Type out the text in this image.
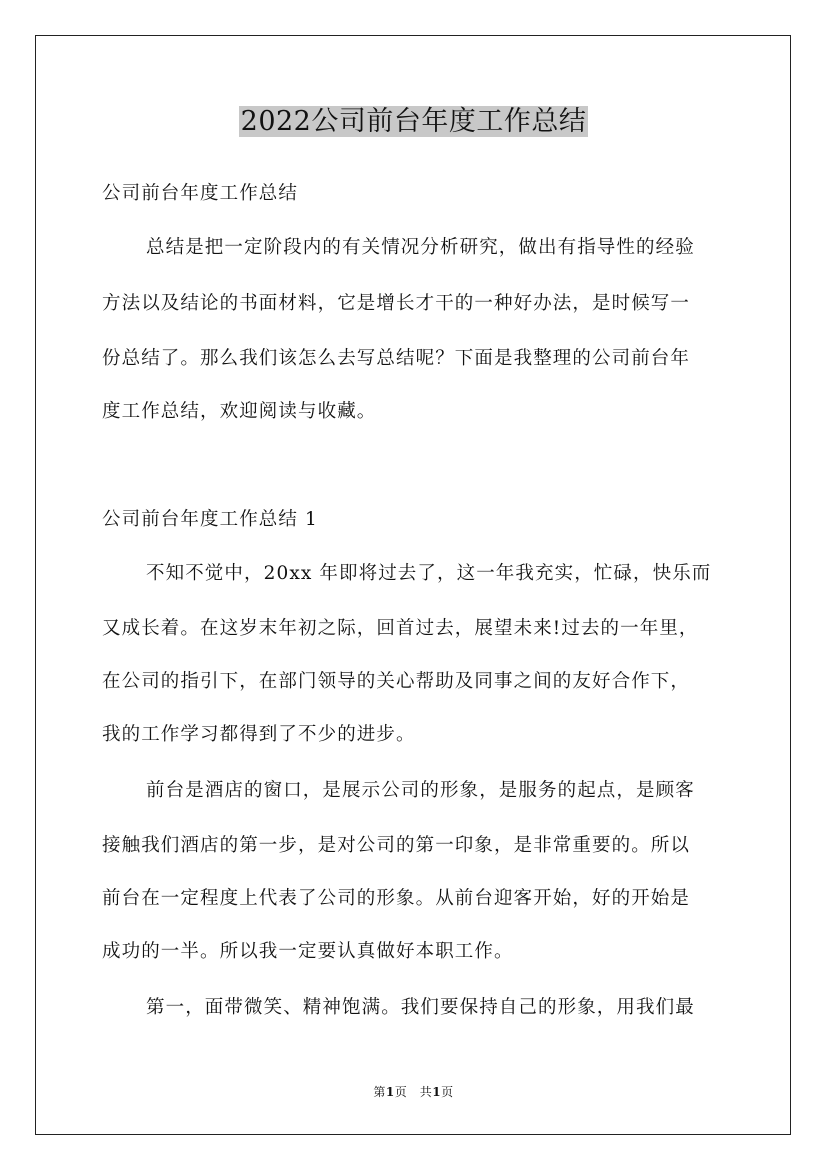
2022公司前台年度工作总结

公司前台年度工作总结

总结是把一定阶段内的有关情况分析研究，做出有指导性的经验

方法以及结论的书面材料，它是增长才干的一种好办法，是时候写一

份总结了。那么我们该怎么去写总结呢？下面是我整理的公司前台年

度工作总结，欢迎阅读与收藏。

公司前台年度工作总结 1

不知不觉中，20xx 年即将过去了，这一年我充实，忙碌，快乐而

又成长着。在这岁末年初之际，回首过去，展望未来!过去的一年里，

在公司的指引下，在部门领导的关心帮助及同事之间的友好合作下，

我的工作学习都得到了不少的进步。

前台是酒店的窗口，是展示公司的形象，是服务的起点，是顾客

接触我们酒店的第一步，是对公司的第一印象，是非常重要的。所以

前台在一定程度上代表了公司的形象。从前台迎客开始，好的开始是

成功的一半。所以我一定要认真做好本职工作。

第一，面带微笑、精神饱满。我们要保持自己的形象，用我们最

第1页　共1页
